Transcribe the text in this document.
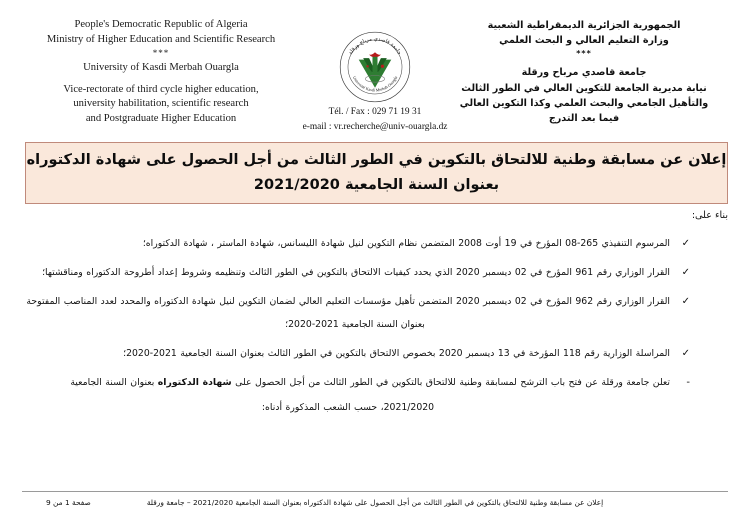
People's Democratic Republic of Algeria
Ministry of Higher Education and Scientific Research
***
University of Kasdi Merbah Ouargla
Vice-rectorate of third cycle higher education,
university habilitation, scientific research
and Postgraduate Higher Education
جامعة قاصدي مرباح ورقلة
Université Kasdi Merbah Ouargla
Tél. / Fax : 029 71 19 31
e-mail : vr.recherche@univ-ouargla.dz
الجمهورية الجزائرية الديمقراطية الشعبية
وزارة التعليم العالي و البحث العلمي
***
جامعة قاصدي مرباح ورقلة
نيابة مديرية الجامعة للتكوين العالي في الطور الثالث
والتأهيل الجامعي والبحث العلمي وكذا التكوين العالي
فيما بعد التدرج
إعلان عن مسابقة وطنية للالتحاق بالتكوين في الطور الثالث من أجل الحصول على شهادة الدكتوراه
بعنوان السنة الجامعية 2021/2020
بناء على:
✓
المرسوم التنفيذي 265-08 المؤرخ في 19 أوت 2008 المتضمن نظام التكوين لنيل شهادة الليسانس، شهادة الماستر ، شهادة الدكتوراه؛
✓
القرار الوزاري رقم 961 المؤرخ في 02 ديسمبر 2020 الذي يحدد كيفيات الالتحاق بالتكوين في الطور الثالث وتنظيمه وشروط إعداد أطروحة الدكتوراه ومناقشتها؛
✓
القرار الوزاري رقم 962 المؤرخ في 02 ديسمبر 2020 المتضمن تأهيل مؤسسات التعليم العالي لضمان التكوين لنيل شهادة الدكتوراه والمحدد لعدد المناصب المفتوحة
بعنوان السنة الجامعية 2021-2020؛
✓
المراسلة الوزارية رقم 118 المؤرخة في 13 ديسمبر 2020 بخصوص الالتحاق بالتكوين في الطور الثالث بعنوان السنة الجامعية 2021-2020؛
-
تعلن جامعة ورقلة عن فتح باب الترشح لمسابقة وطنية للالتحاق بالتكوين في الطور الثالث من أجل الحصول على شهادة الدكتوراه بعنوان السنة الجامعية
2021/2020، حسب الشعب المذكورة أدناه:
إعلان عن مسابقة وطنية للالتحاق بالتكوين في الطور الثالث من أجل الحصول على شهادة الدكتوراه بعنوان السنة الجامعية 2021/2020 – جامعة ورقلة
صفحة 1 من 9
